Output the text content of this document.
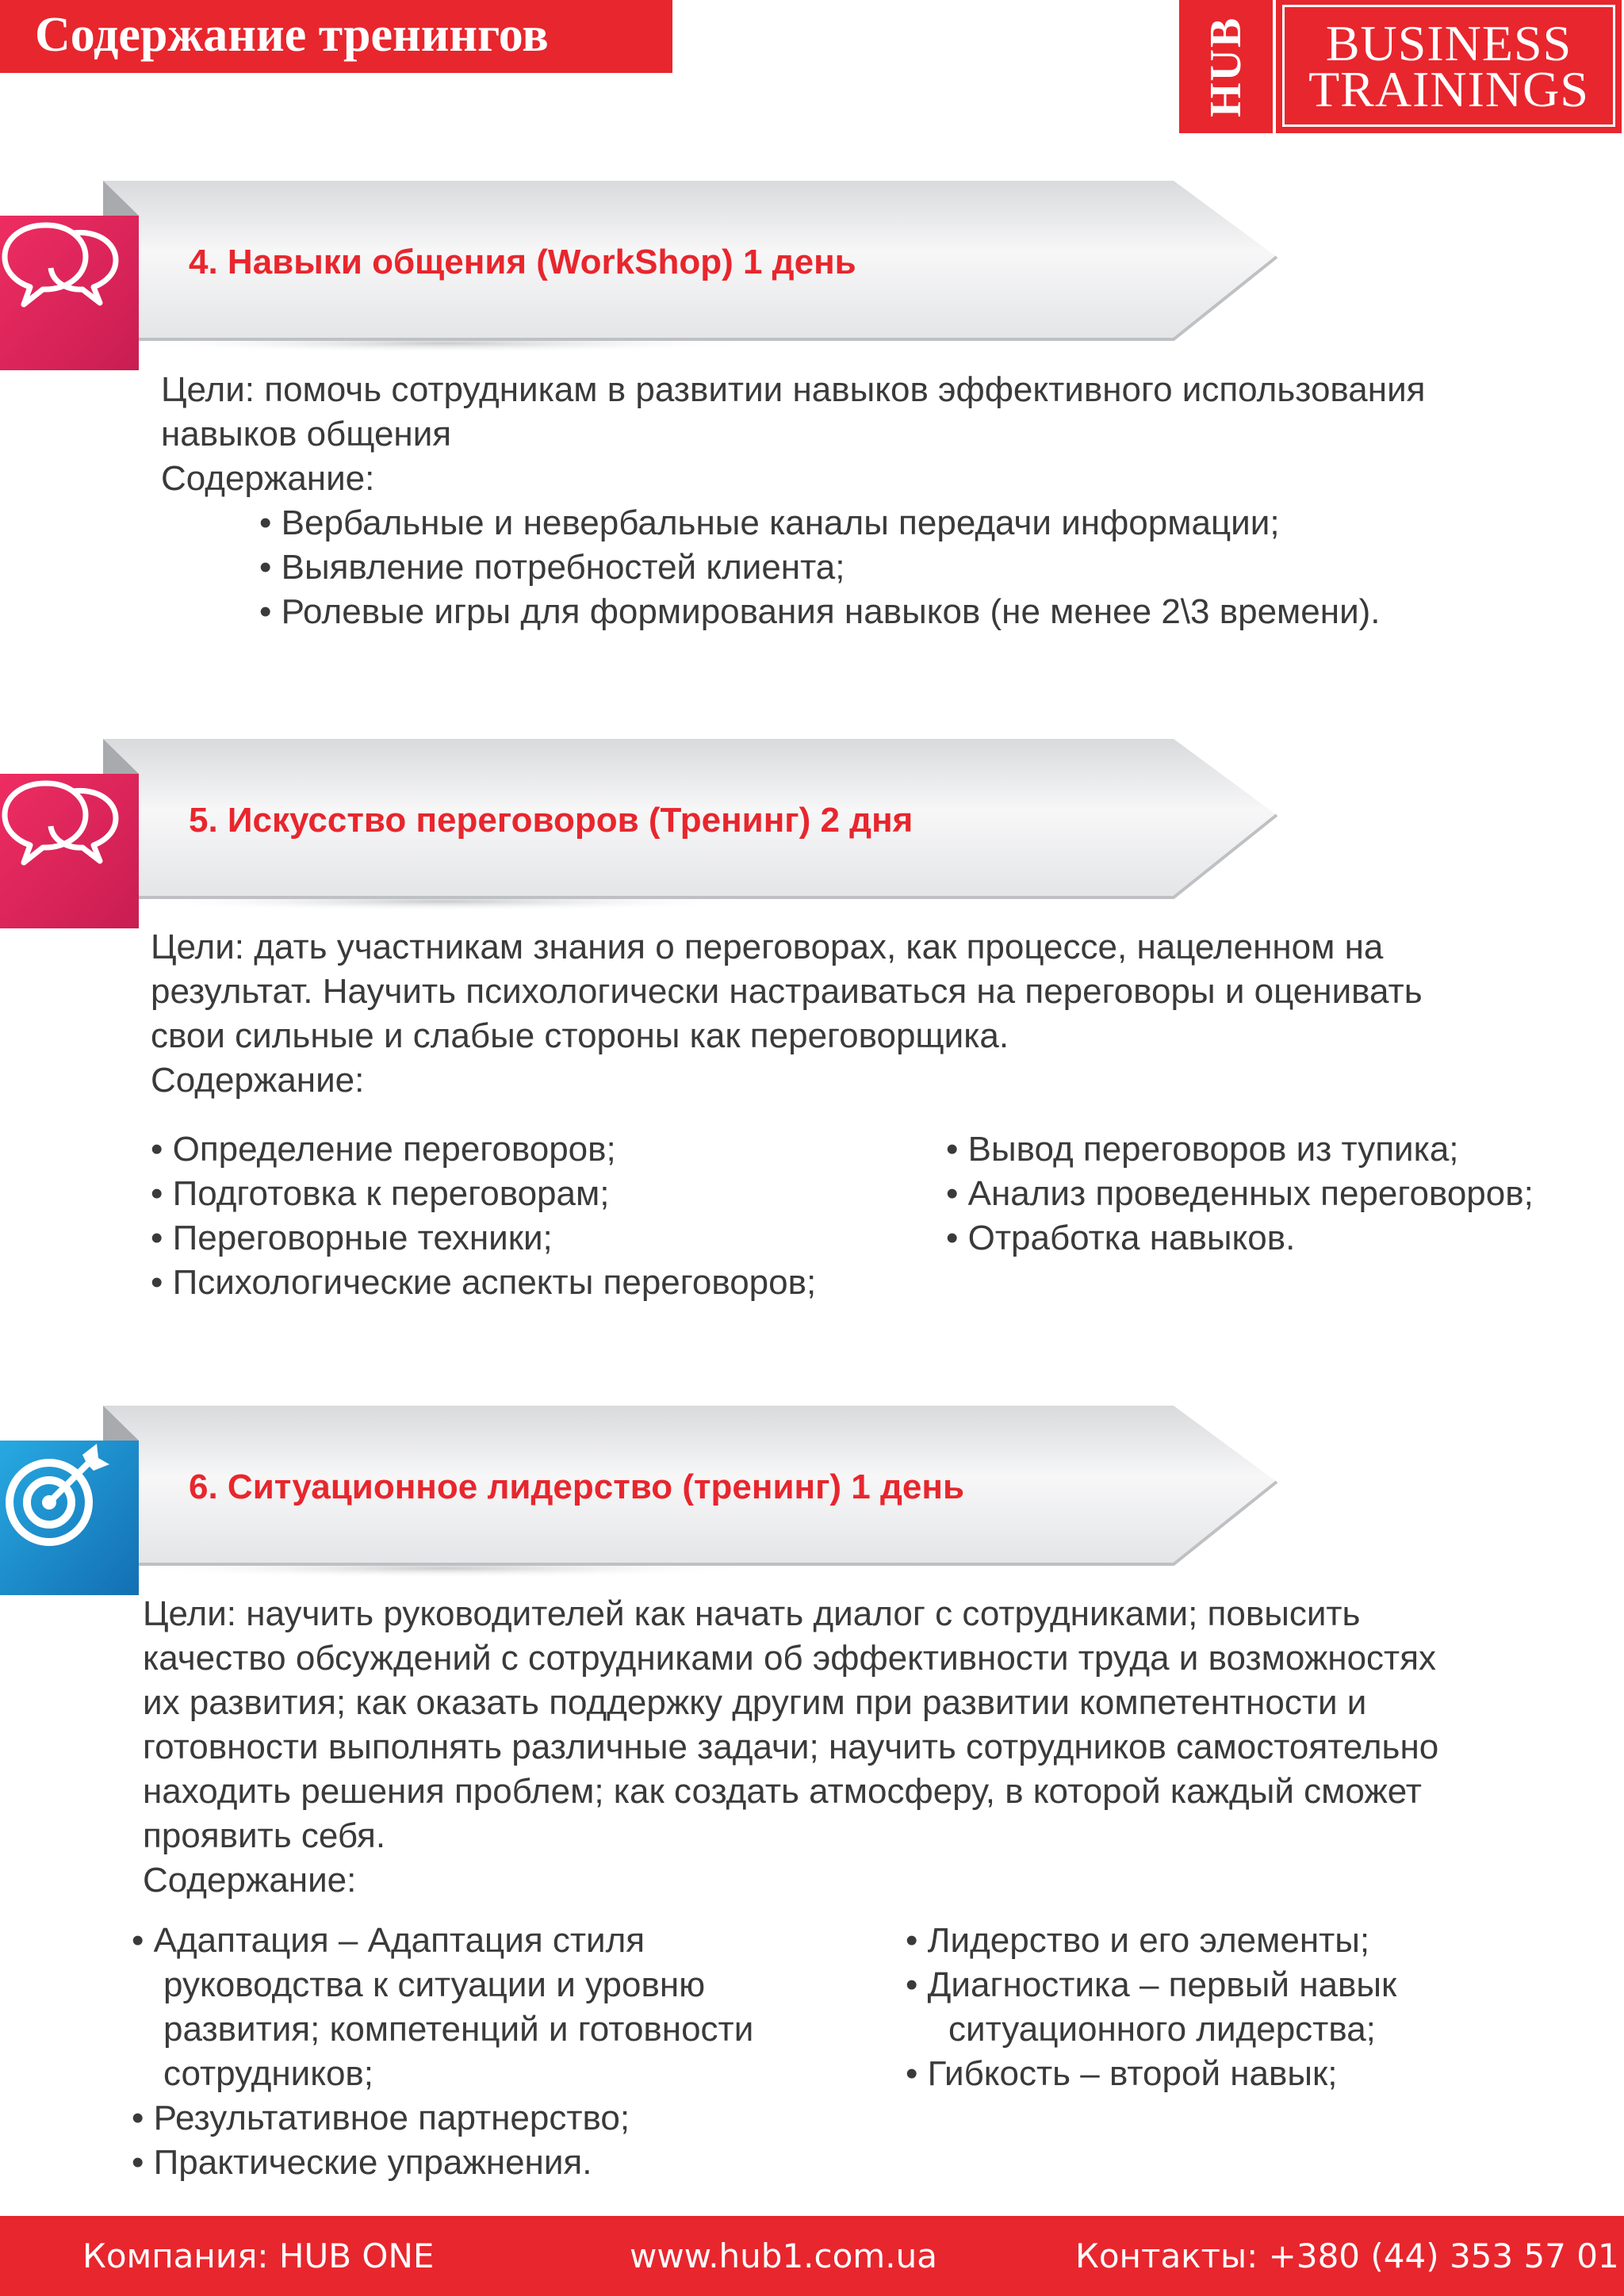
Содержание тренингов	HUB	BUSINESS
TRAININGS
4. Навыки общения (WorkShop) 1 день

Цели: помочь сотрудникам в развитии навыков эффективного использования

навыков общения

Содержание:

• Вербальные и невербальные каналы передачи информации;
• Выявление потребностей клиента;
• Ролевые игры для формирования навыков (не менее 2\3 времени).
5. Искусство переговоров (Тренинг) 2 дня

Цели: дать участникам знания о переговорах, как процессе, нацеленном на

результат. Научить психологически настраиваться на переговоры и оценивать

свои сильные и слабые стороны как переговорщика.

Содержание:

• Определение переговоров;
• Подготовка к переговорам;
• Переговорные техники;
• Психологические аспекты переговоров;
• Вывод переговоров из тупика;
• Анализ проведенных переговоров;
• Отработка навыков.
6. Ситуационное лидерство (тренинг) 1 день

Цели: научить руководителей как начать диалог с сотрудниками; повысить

качество обсуждений с сотрудниками об эффективности труда и возможностях

их развития; как оказать поддержку другим при развитии компетентности и

готовности выполнять различные задачи; научить сотрудников самостоятельно

находить решения проблем; как создать атмосферу, в которой каждый сможет

проявить себя.

Содержание:

• Адаптация – Адаптация стиля
руководства к ситуации и уровню
развития; компетенций и готовности
сотрудников;
• Результативное партнерство;
• Практические упражнения.
• Лидерство и его элементы;
• Диагностика – первый навык
ситуационного лидерства;
• Гибкость – второй навык;
Компания: HUB ONE	www.hub1.com.ua	Контакты: +380 (44) 353 57 01
